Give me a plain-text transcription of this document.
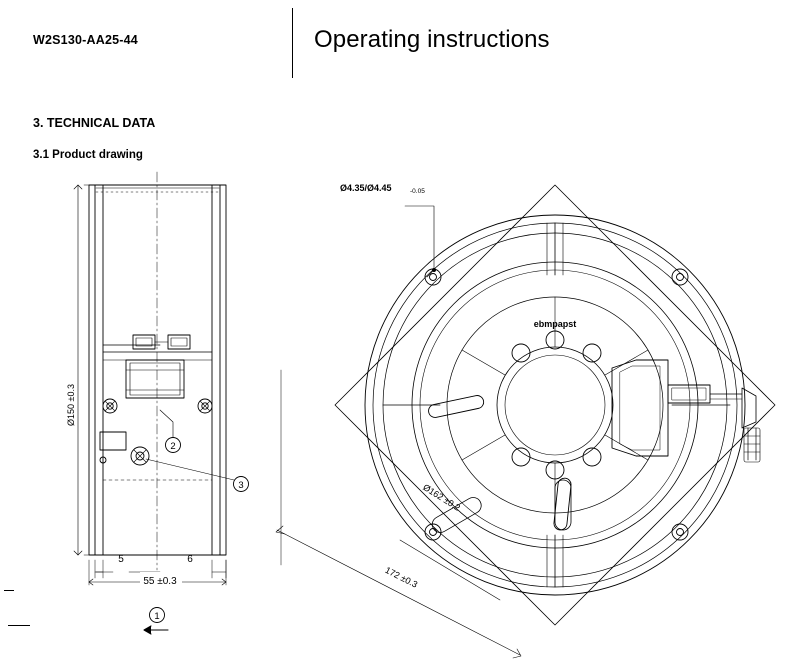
W2S130-AA25-44	Operating instructions
3. TECHNICAL DATA
3.1 Product drawing
2
3
Ø150 ±0.3
5	6
55 ±0.3
1
172 ±0.3
ebmpapst
Ø4.35/Ø4.45	-0.05
Ø162 ±0.2
